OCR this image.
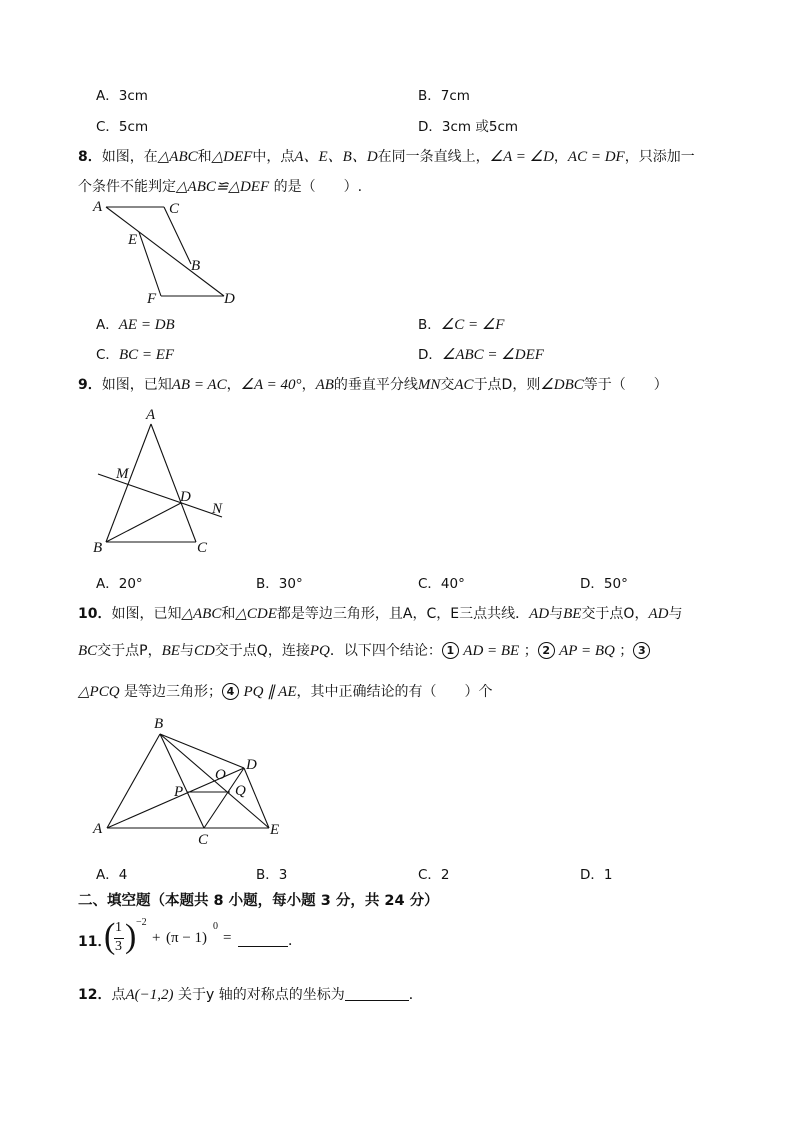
A．3cm	B．7cm
C．5cm	D．3cm 或5cm
8．如图，在△ABC和△DEF中，点A、E、B、D在同一条直线上，∠A = ∠D，AC = DF，只添加一
个条件不能判定△ABC≌△DEF 的是（　　）.
A	C
E
B
F	D
A．AE = DB	B．∠C = ∠F
C．BC = EF	D．∠ABC = ∠DEF
9．如图，已知AB = AC，∠A = 40°，AB的垂直平分线MN交AC于点D，则∠DBC等于（　　）
A
M
D
N
B	C
A．20°	B．30°	C．40°	D．50°
10．如图，已知△ABC和△CDE都是等边三角形，且A，C，E三点共线．AD与BE交于点O，AD与
BC交于点P，BE与CD交于点Q，连接PQ．以下四个结论： 1 AD = BE ； 2 AP = BQ ； 3
△PCQ 是等边三角形； 4 PQ ∥ AE，其中正确结论的有（　　）个
B
D
O
P	Q
A
C
E
A．4	B．3	C．2	D．1
二、填空题（本题共 8 小题，每小题 3 分，共 24 分）
11．
( 1
3 ) −2
+ (π − 1)
0
=	．
12．点A(−1,2) 关于y 轴的对称点的坐标为	．
